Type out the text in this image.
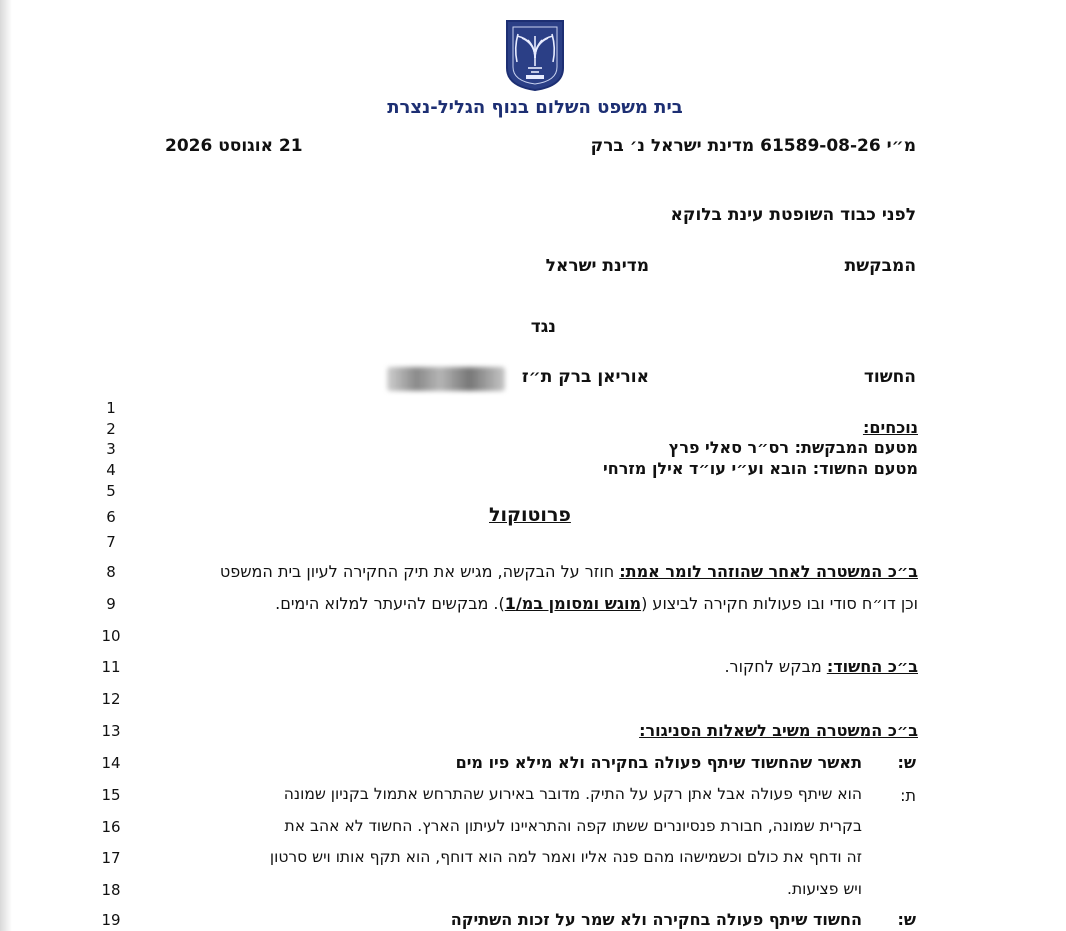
בית משפט השלום בנוף הגליל-נצרת
מ״י 61589-08-26 מדינת ישראל נ׳ ברק
21 אוגוסט 2026
לפני כבוד השופטת עינת בלוקא
המבקשת
מדינת ישראל
נגד
החשוד
אוריאן ברק ת״ז
1
2
3
4
5
6
7
8
9
10
11
12
13
14
15
16
17
18
19
נוכחים:
מטעם המבקשת: רס״ר סאלי פרץ
מטעם החשוד: הובא וע״י עו״ד אילן מזרחי
פרוטוקול
ב״כ המשטרה לאחר שהוזהר לומר אמת: חוזר על הבקשה, מגיש את תיק החקירה לעיון בית המשפט
וכן דו״ח סודי ובו פעולות חקירה לביצוע (מוגש ומסומן במ/1). מבקשים להיעתר למלוא הימים.
ב״כ החשוד: מבקש לחקור.
ב״כ המשטרה משיב לשאלות הסניגור:
ש:
תאשר שהחשוד שיתף פעולה בחקירה ולא מילא פיו מים
ת:
הוא שיתף פעולה אבל אתן רקע על התיק. מדובר באירוע שהתרחש אתמול בקניון שמונה
בקרית שמונה, חבורת פנסיונרים ששתו קפה והתראיינו לעיתון הארץ. החשוד לא אהב את
זה ודחף את כולם וכשמישהו מהם פנה אליו ואמר למה הוא דוחף, הוא תקף אותו ויש סרטון
ויש פציעות.
ש:
החשוד שיתף פעולה בחקירה ולא שמר על זכות השתיקה
